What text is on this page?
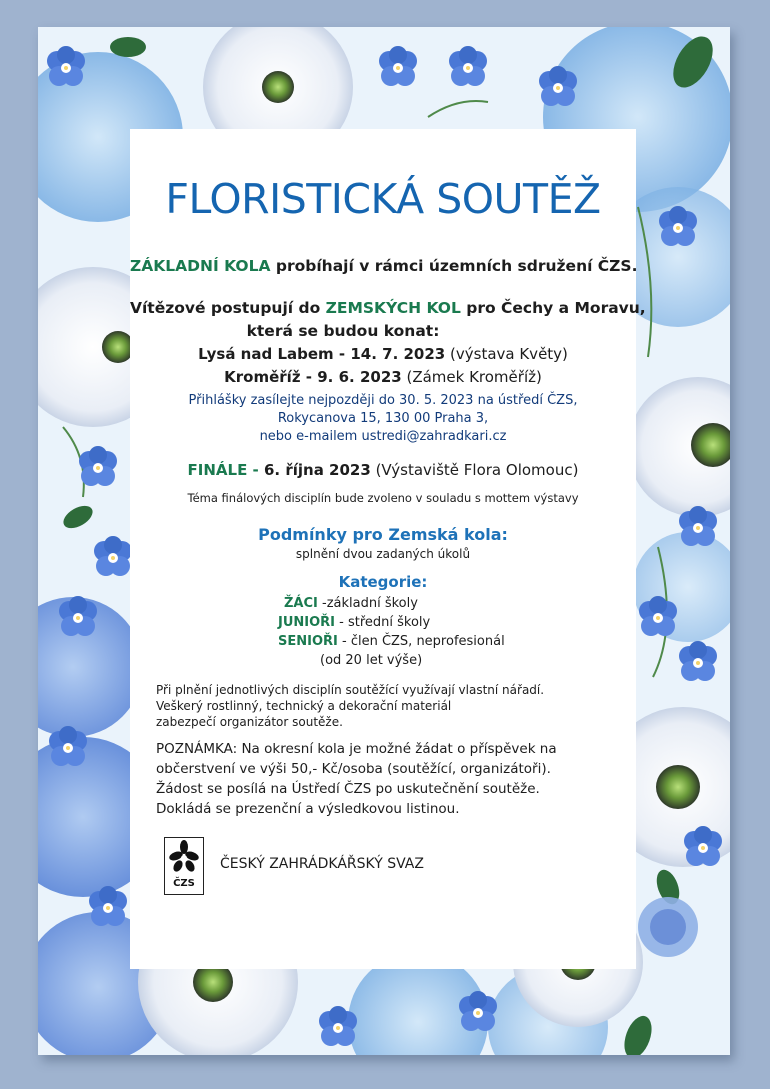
FLORISTICKÁ SOUTĚŽ
ZÁKLADNÍ KOLA probíhají v rámci územních sdružení ČZS.
Vítězové postupují do ZEMSKÝCH KOL pro Čechy a Moravu,
která se budou konat:
Lysá nad Labem - 14. 7. 2023 (výstava Květy)
Kroměříž - 9. 6. 2023 (Zámek Kroměříž)
Přihlášky zasílejte nejpozději do 30. 5. 2023 na ústředí ČZS,
Rokycanova 15, 130 00 Praha 3,
nebo e-mailem ustredi@zahradkari.cz
FINÁLE - 6. října 2023 (Výstaviště Flora Olomouc)
Téma finálových disciplín bude zvoleno v souladu s mottem výstavy
Podmínky pro Zemská kola:
splnění dvou zadaných úkolů
Kategorie:
ŽÁCI -základní školy
JUNIOŘI - střední školy
SENIOŘI - člen ČZS, neprofesionál
(od 20 let výše)
Při plnění jednotlivých disciplín soutěžící využívají vlastní nářadí.
Veškerý rostlinný, technický a dekorační materiál
zabezpečí organizátor soutěže.
POZNÁMKA: Na okresní kola je možné žádat o příspěvek na
občerstvení ve výši 50,- Kč/osoba (soutěžící, organizátoři).
Žádost se posílá na Ústředí ČZS po uskutečnění soutěže.
Dokládá se prezenční a výsledkovou listinou.
ČZS
ČESKÝ ZAHRÁDKÁŘSKÝ SVAZ
